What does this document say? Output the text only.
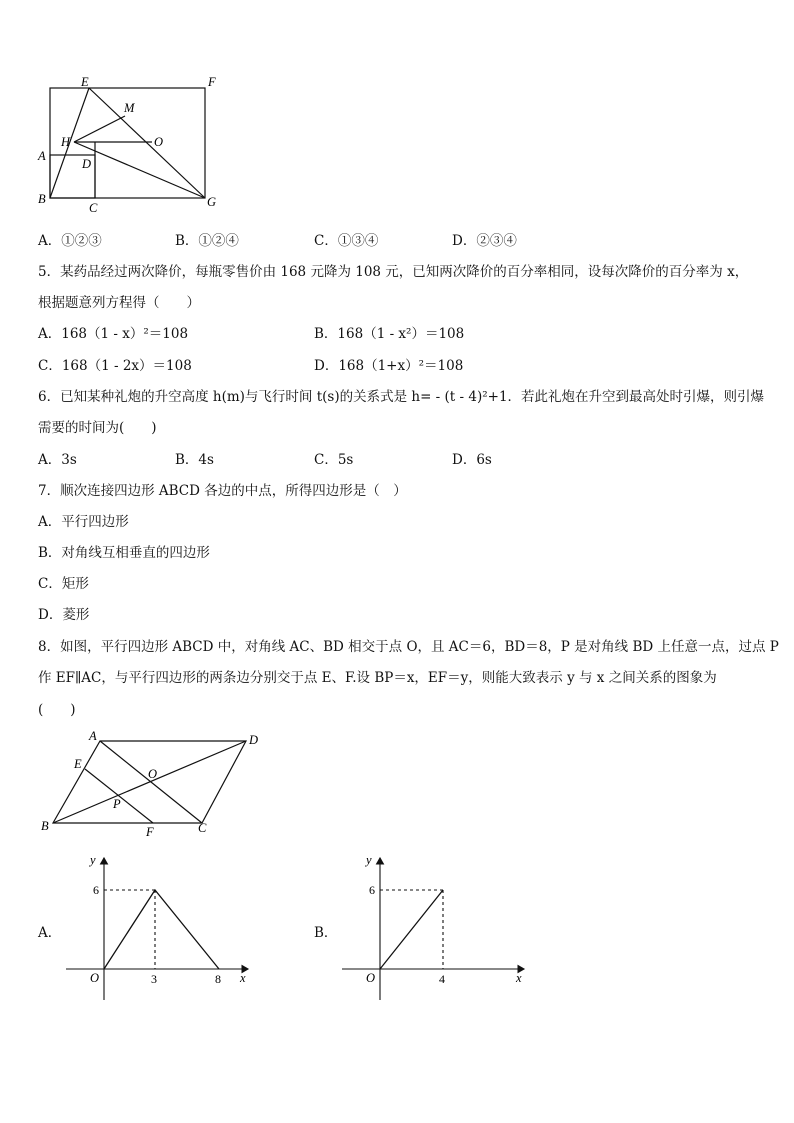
E	F
M
H	O
A
D
B
C	G
A．①②③	B．①②④	C．①③④	D．②③④
5．某药品经过两次降价，每瓶零售价由 168 元降为 108 元，已知两次降价的百分率相同，设每次降价的百分率为 x，
根据题意列方程得（　　）
A．168（1 - x）²＝108	B．168（1 - x²）＝108
C．168（1 - 2x）＝108	D．168（1+x）²＝108
6．已知某种礼炮的升空高度 h(m)与飞行时间 t(s)的关系式是 h= - (t - 4)²+1．若此礼炮在升空到最高处时引爆，则引爆
需要的时间为(　　)
A．3s	B．4s	C．5s	D．6s
7．顺次连接四边形 ABCD 各边的中点，所得四边形是（　）
A．平行四边形
B．对角线互相垂直的四边形
C．矩形
D．菱形
8．如图，平行四边形 ABCD 中，对角线 AC、BD 相交于点 O，且 AC＝6，BD＝8，P 是对角线 BD 上任意一点，过点 P
作 EF∥AC，与平行四边形的两条边分别交于点 E、F.设 BP＝x，EF＝y，则能大致表示 y 与 x 之间关系的图象为
(　　)
A	D
E
O
P
B	F	C
A．
y
x
O
6
3	8
B．
y
x
O
6
4
